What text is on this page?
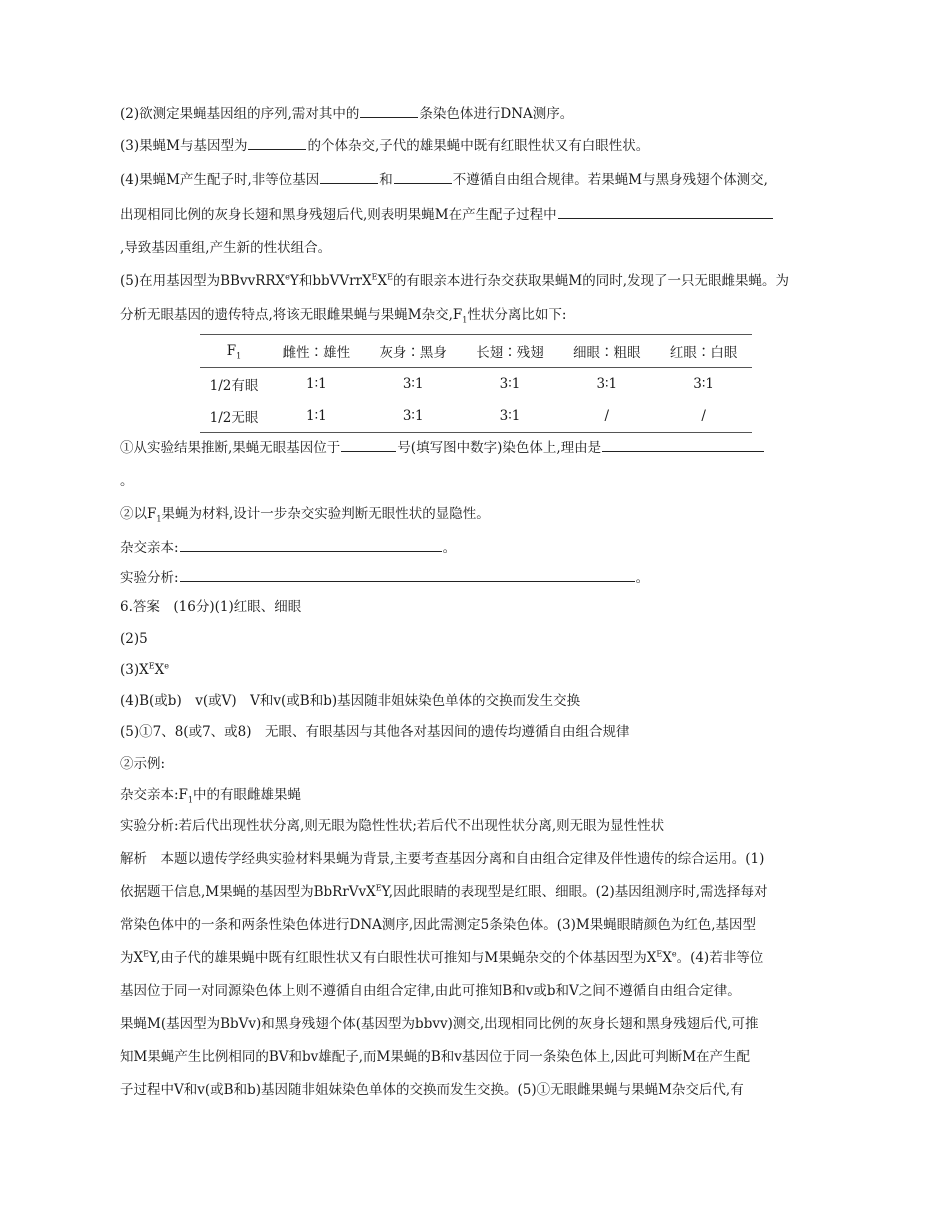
(2)欲测定果蝇基因组的序列,需对其中的	条染色体进行DNA测序。
(3)果蝇M与基因型为	的个体杂交,子代的雄果蝇中既有红眼性状又有白眼性状。
(4)果蝇M产生配子时,非等位基因	和	不遵循自由组合规律。若果蝇M与黑身残翅个体测交,
出现相同比例的灰身长翅和黑身残翅后代,则表明果蝇M在产生配子过程中
,导致基因重组,产生新的性状组合。
(5)在用基因型为BBvvRRX$^e$Y和$bbVVrrX^EX^E$的有眼亲本进行杂交获取果蝇M的同时,发现了一只无眼雌果蝇。为
分析无眼基因的遗传特点,将该无眼雌果蝇与果蝇M杂交$,F_1$性状分离比如下:
$F_1$	雌性∶雄性	灰身∶黑身	长翅∶残翅	细眼∶粗眼	红眼∶白眼
1/2有眼	1∶1	3∶1	3∶1	3∶1	3∶1
1/2无眼	1∶1	3∶1	3∶1	/	/
①从实验结果推断,果蝇无眼基因位于	号(填写图中数字)染色体上,理由是
。
②以$F_1$果蝇为材料,设计一步杂交实验判断无眼性状的显隐性。
杂交亲本:	。
实验分析:	。
6.答案　(16分)(1)红眼、细眼
(2)5
$(3)X^EXe$
(4)B(或b)　v(或V)　V和v(或B和b)基因随非姐妹染色单体的交换而发生交换
(5)①7、8(或7、或8)　无眼、有眼基因与其他各对基因间的遗传均遵循自由组合规律
②示例:
杂交亲本$:F_1$中的有眼雌雄果蝇
实验分析:若后代出现性状分离,则无眼为隐性性状;若后代不出现性状分离,则无眼为显性性状
解析　本题以遗传学经典实验材料果蝇为背景,主要考查基因分离和自由组合定律及伴性遗传的综合运用。(1)
依据题干信息,M果蝇的基因型为BbRrVvX$^E$Y,因此眼睛的表现型是红眼、细眼。(2)基因组测序时,需选择每对
常染色体中的一条和两条性染色体进行DNA测序,因此需测定5条染色体。(3)M果蝇眼睛颜色为红色,基因型
为$X^EY$,由子代的雄果蝇中既有红眼性状又有白眼性状可推知与M果蝇杂交的个体基因型为$X^EXe$。(4)若非等位
基因位于同一对同源染色体上则不遵循自由组合定律,由此可推知B和v或b和V之间不遵循自由组合定律。
果蝇M(基因型为BbVv)和黑身残翅个体(基因型为bbvv)测交,出现相同比例的灰身长翅和黑身残翅后代,可推
知M果蝇产生比例相同的BV和bv雄配子,而M果蝇的B和v基因位于同一条染色体上,因此可判断M在产生配
子过程中V和v(或B和b)基因随非姐妹染色单体的交换而发生交换。(5)①无眼雌果蝇与果蝇M杂交后代,有
